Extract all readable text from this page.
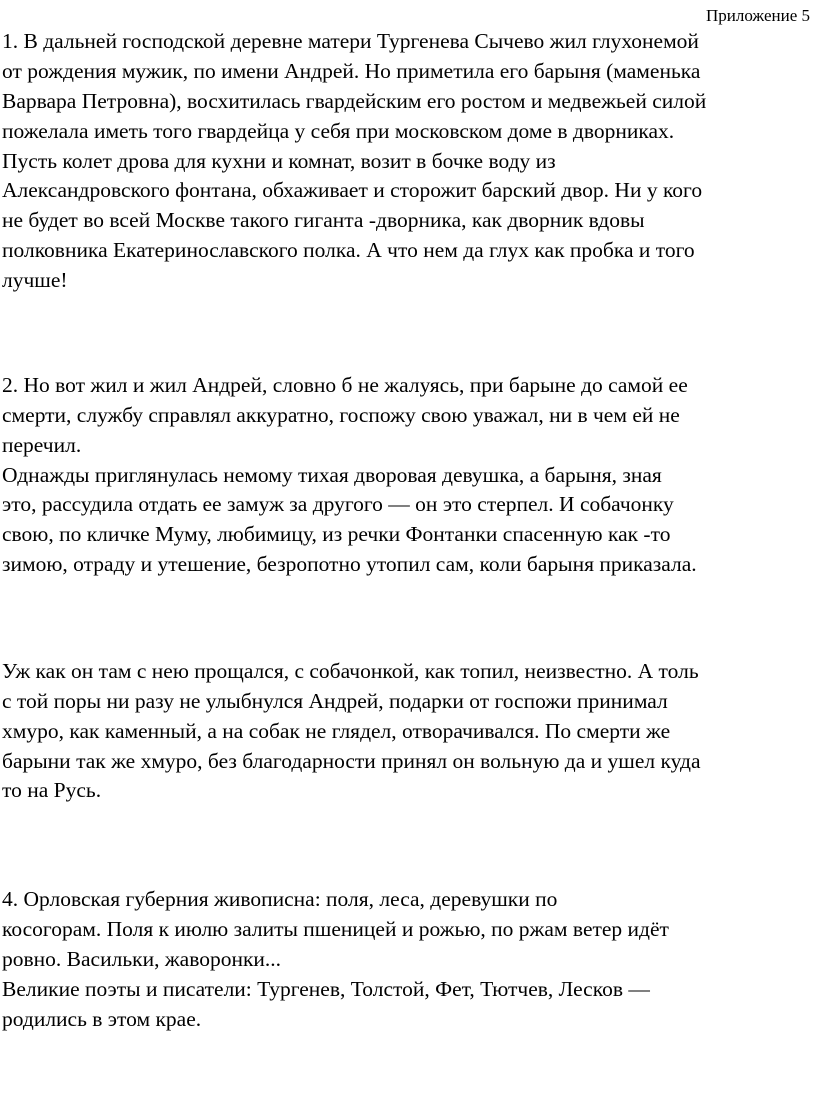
Приложение 5
1. В дальней господской деревне матери Тургенева Сычево жил глухонемой
от рождения мужик, по имени Андрей. Но приметила его барыня (маменька
Варвара Петровна), восхитилась гвардейским его ростом и медвежьей силой
пожелала иметь того гвардейца у себя при московском доме в дворниках.
Пусть колет дрова для кухни и комнат, возит в бочке воду из
Александровского фонтана, обхаживает и сторожит барский двор. Ни у кого
не будет во всей Москве такого гиганта -дворника, как дворник вдовы
полковника Екатеринославского полка. А что нем да глух как пробка и того
лучше!
2. Но вот жил и жил Андрей, словно б не жалуясь, при барыне до самой ее
смерти, службу справлял аккуратно, госпожу свою уважал, ни в чем ей не
перечил.
Однажды приглянулась немому тихая дворовая девушка, а барыня, зная
это, рассудила отдать ее замуж за другого — он это стерпел. И собачонку
свою, по кличке Муму, любимицу, из речки Фонтанки спасенную как -то
зимою, отраду и утешение, безропотно утопил сам, коли барыня приказала.
Уж как он там с нею прощался, с собачонкой, как топил, неизвестно. А толь
с той поры ни разу не улыбнулся Андрей, подарки от госпожи принимал
хмуро, как каменный, а на собак не глядел, отворачивался. По смерти же
барыни так же хмуро, без благодарности принял он вольную да и ушел куда
то на Русь.
4. Орловская губерния живописна: поля, леса, деревушки по
косогорам. Поля к июлю залиты пшеницей и рожью, по ржам ветер идёт
ровно. Васильки, жаворонки...
Великие поэты и писатели: Тургенев, Толстой, Фет, Тютчев, Лесков —
родились в этом крае.
